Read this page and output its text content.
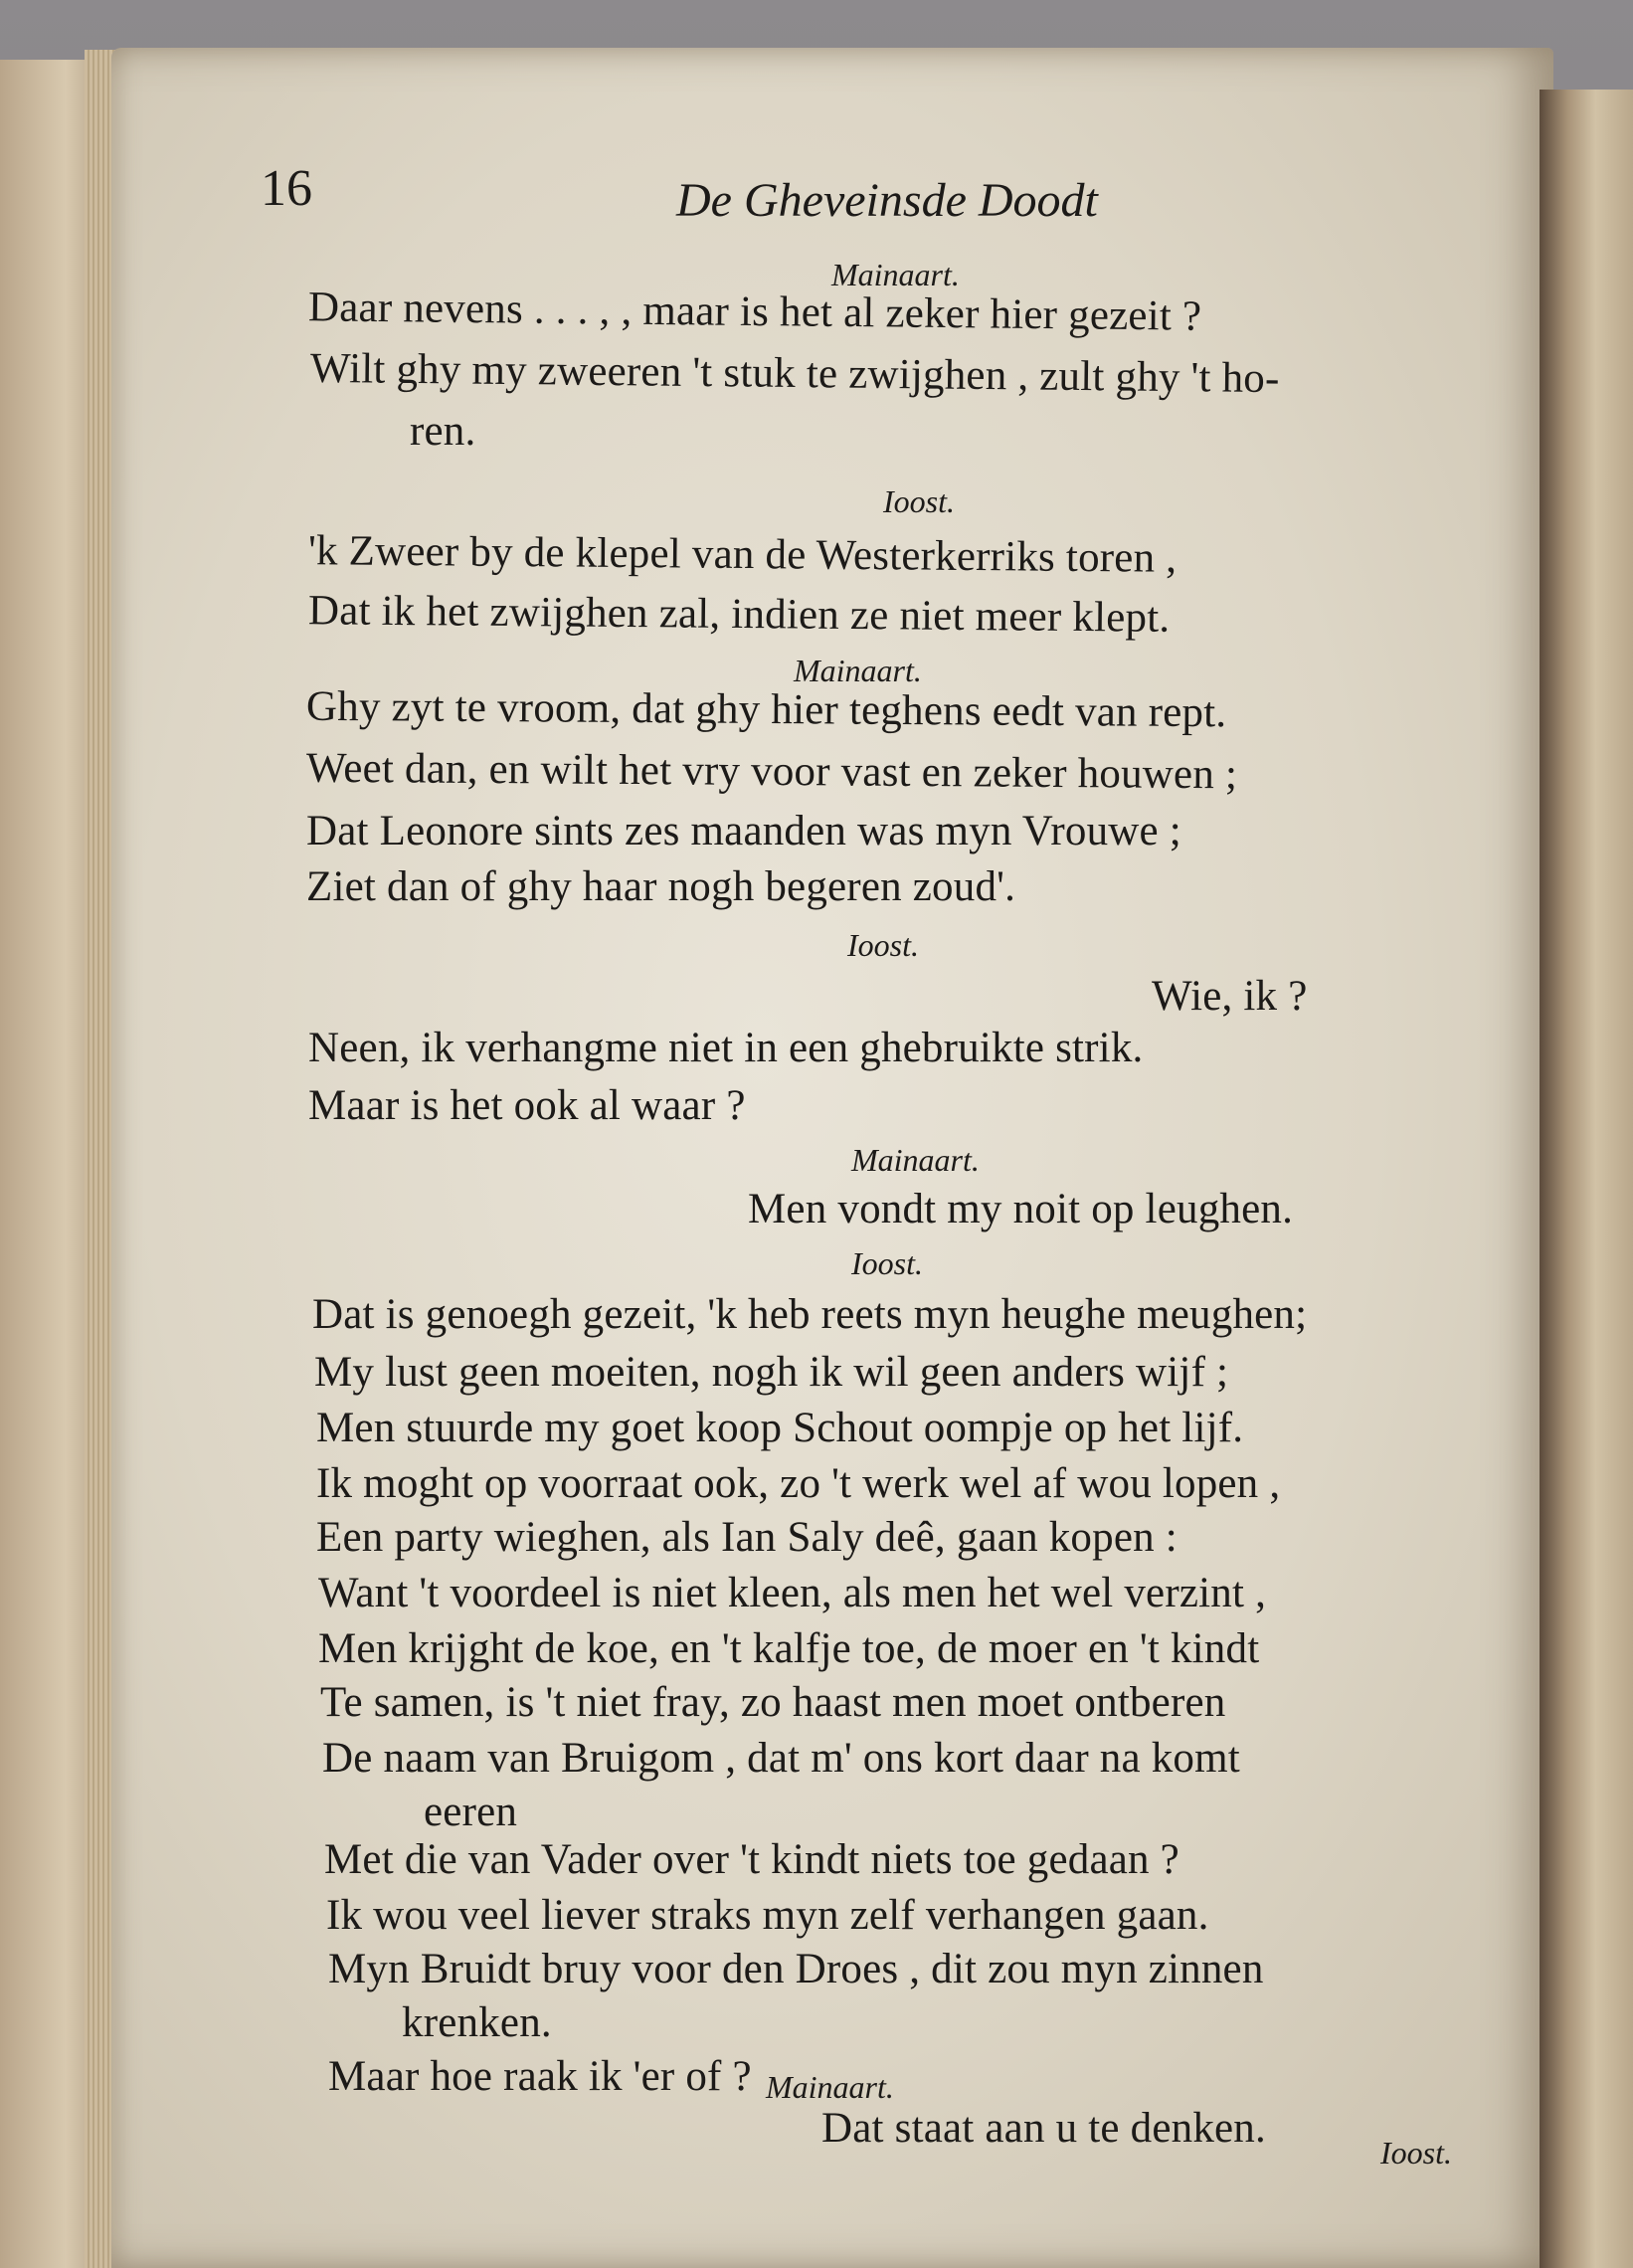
16	De Gheveinsde Doodt
Mainaart.
Daar nevens . . . , , maar is het al zeker hier gezeit ?
Wilt ghy my zweeren 't stuk te zwijghen , zult ghy 't ho-
ren.
Ioost.
'k Zweer by de klepel van de Westerkerriks toren ,
Dat ik het zwijghen zal, indien ze niet meer klept.
Mainaart.
Ghy zyt te vroom, dat ghy hier teghens eedt van rept.
Weet dan, en wilt het vry voor vast en zeker houwen ;
Dat Leonore sints zes maanden was myn Vrouwe ;
Ziet dan of ghy haar nogh begeren zoud'.
Ioost.
Wie, ik ?
Neen, ik verhangme niet in een ghebruikte strik.
Maar is het ook al waar ?
Mainaart.
Men vondt my noit op leughen.
Ioost.
Dat is genoegh gezeit, 'k heb reets myn heughe meughen;
My lust geen moeiten, nogh ik wil geen anders wijf ;
Men stuurde my goet koop Schout oompje op het lijf.
Ik moght op voorraat ook, zo 't werk wel af wou lopen ,
Een party wieghen, als Ian Saly deê, gaan kopen :
Want 't voordeel is niet kleen, als men het wel verzint ,
Men krijght de koe, en 't kalfje toe, de moer en 't kindt
Te samen, is 't niet fray, zo haast men moet ontberen
De naam van Bruigom , dat m' ons kort daar na komt
eeren
Met die van Vader over 't kindt niets toe gedaan ?
Ik wou veel liever straks myn zelf verhangen gaan.
Myn Bruidt bruy voor den Droes , dit zou myn zinnen
krenken.
Maar hoe raak ik 'er of ? Mainaart.
Dat staat aan u te denken.
Ioost.
